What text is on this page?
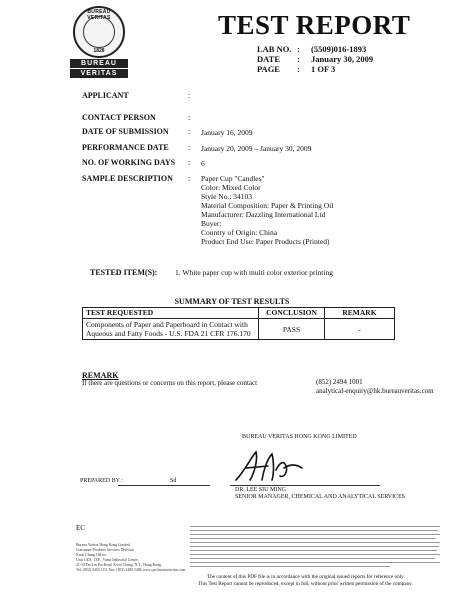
BUREAU VERITAS
1828
BUREAU
VERITAS
TEST REPORT
LAB NO. : (5509)016-1893
DATE : January 30, 2009
PAGE : 1 OF 3
APPLICANT	:
CONTACT PERSON	:
DATE OF SUBMISSION : January 16, 2009
PERFORMANCE DATE : January 20, 2009 – January 30, 2009
NO. OF WORKING DAYS : 6
SAMPLE DESCRIPTION : Paper Cup "Candles"
Color: Mixed Color
Style No.: 34103
Material Composition: Paper & Printing Oil
Manufacturer: Dazzling International Ltd
Buyer:
Country of Origin: China
Product End Use: Paper Products (Printed)
TESTED ITEM(S): 1. White paper cup with multi color exterior printing
SUMMARY OF TEST RESULTS
TEST REQUESTED	CONCLUSION	REMARK
Components of Paper and Paperboard in Contact with Aqueous and Fatty Foods - U.S. FDA 21 CFR 176.170	PASS	-
REMARK
If there are questions or concerns on this report, please contact	(852) 2494 1001
analytical-enquiry@hk.bureauveritas.com
BUREAU VERITAS HONG KONG LIMITED
PREPARED BY :	Sd
DR. LEE SIU MING
SENIOR MANAGER, CHEMICAL AND ANALYTICAL SERVICES
EC
Bureau Veritas Hong Kong Limited
Consumer Products Services Division
Kwai Chung Office:
Unit 1303, 13/F., Vanta Industrial Centre,
21-33 Tai Lin Pai Road, Kwai Chung, N.T., Hong Kong
Tel: (852) 2418 1111 Fax: (852) 2480 5486 www.cps.bureauveritas.com
The content of this PDF file is in accordance with the original issued reports for reference only.
This Test Report cannot be reproduced, except in full, without prior written permission of the company.
